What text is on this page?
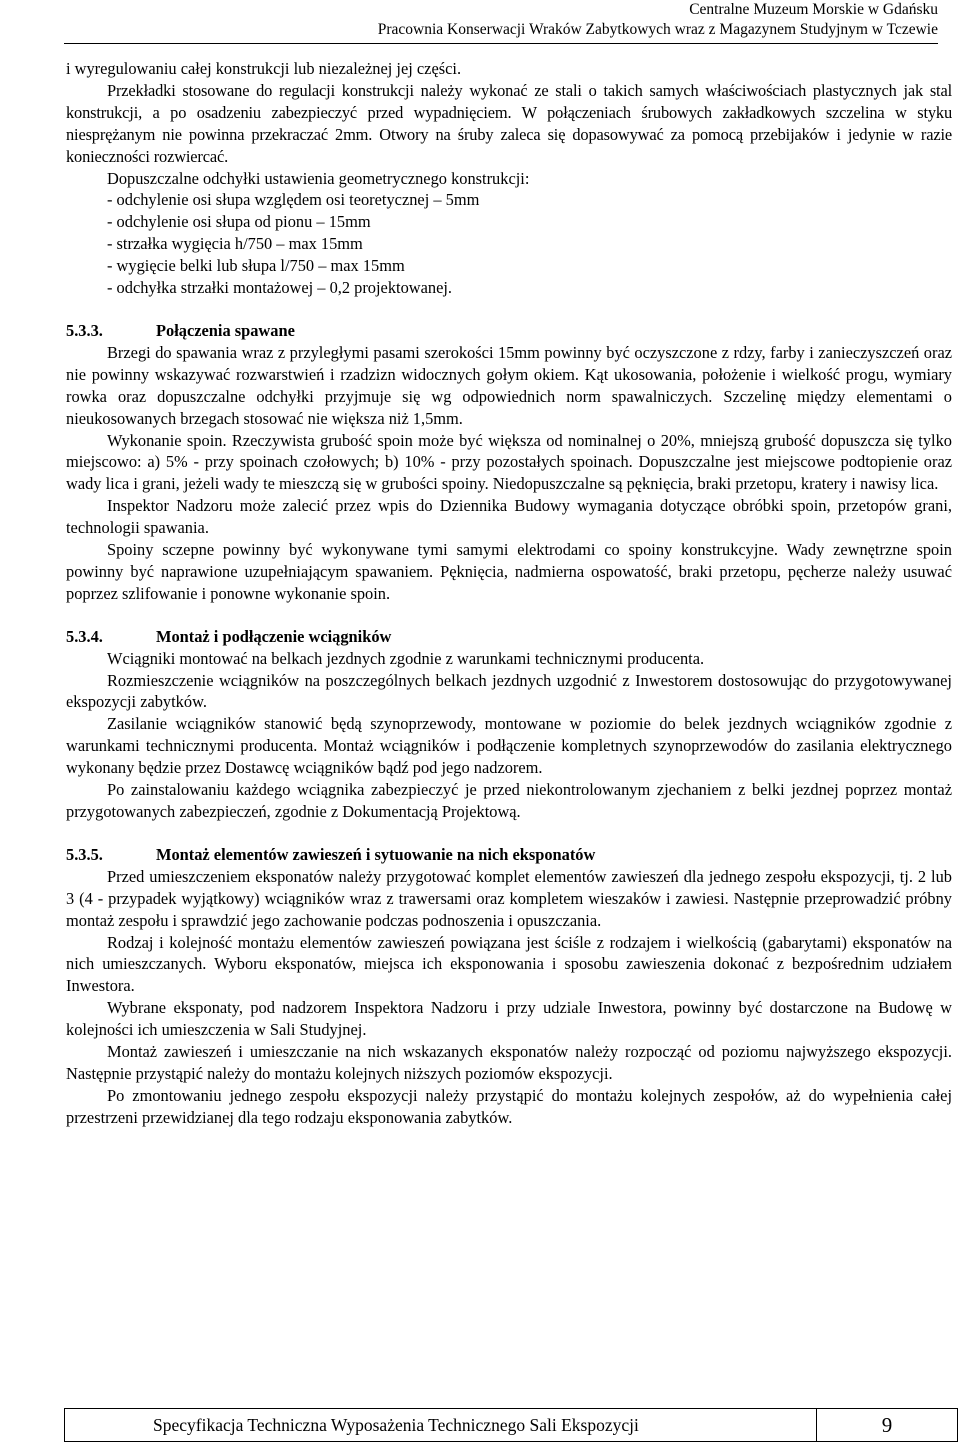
Centralne Muzeum Morskie w Gdańsku
Pracownia Konserwacji Wraków Zabytkowych wraz z Magazynem Studyjnym w Tczewie

i wyregulowaniu całej konstrukcji lub niezależnej jej części.

Przekładki stosowane do regulacji konstrukcji należy wykonać ze stali o takich samych właściwościach plastycznych jak stal konstrukcji, a po osadzeniu zabezpieczyć przed wypadnięciem. W połączeniach śrubowych zakładkowych szczelina w styku niesprężanym nie powinna przekraczać 2mm. Otwory na śruby zaleca się dopasowywać za pomocą przebijaków i jedynie w razie konieczności rozwiercać.

Dopuszczalne odchyłki ustawienia geometrycznego konstrukcji:

- odchylenie osi słupa względem osi teoretycznej – 5mm
- odchylenie osi słupa od pionu – 15mm
- strzałka wygięcia h/750 – max 15mm
- wygięcie belki lub słupa l/750 – max 15mm
- odchyłka strzałki montażowej – 0,2 projektowanej.
5.3.3.	Połączenia spawane

Brzegi do spawania wraz z przyległymi pasami szerokości 15mm powinny być oczyszczone z rdzy, farby i zanieczyszczeń oraz nie powinny wskazywać rozwarstwień i rzadzizn widocznych gołym okiem. Kąt ukosowania, położenie i wielkość progu, wymiary rowka oraz dopuszczalne odchyłki przyjmuje się wg odpowiednich norm spawalniczych. Szczelinę między elementami o nieukosowanych brzegach stosować nie większa niż 1,5mm.

Wykonanie spoin. Rzeczywista grubość spoin może być większa od nominalnej o 20%, mniejszą grubość dopuszcza się tylko miejscowo: a) 5% - przy spoinach czołowych; b) 10% - przy pozostałych spoinach. Dopuszczalne jest miejscowe podtopienie oraz wady lica i grani, jeżeli wady te mieszczą się w grubości spoiny. Niedopuszczalne są pęknięcia, braki przetopu, kratery i nawisy lica.

Inspektor Nadzoru może zalecić przez wpis do Dziennika Budowy wymagania dotyczące obróbki spoin, przetopów grani, technologii spawania.

Spoiny sczepne powinny być wykonywane tymi samymi elektrodami co spoiny konstrukcyjne. Wady zewnętrzne spoin powinny być naprawione uzupełniającym spawaniem. Pęknięcia, nadmierna ospowatość, braki przetopu, pęcherze należy usuwać poprzez szlifowanie i ponowne wykonanie spoin.

5.3.4.	Montaż i podłączenie wciągników

Wciągniki montować na belkach jezdnych zgodnie z warunkami technicznymi producenta.

Rozmieszczenie wciągników na poszczególnych belkach jezdnych uzgodnić z Inwestorem dostosowując do przygotowywanej ekspozycji zabytków.

Zasilanie wciągników stanowić będą szynoprzewody, montowane w poziomie do belek jezdnych wciągników zgodnie z warunkami technicznymi producenta. Montaż wciągników i podłączenie kompletnych szynoprzewodów do zasilania elektrycznego wykonany będzie przez Dostawcę wciągników bądź pod jego nadzorem.

Po zainstalowaniu każdego wciągnika zabezpieczyć je przed niekontrolowanym zjechaniem z belki jezdnej poprzez montaż przygotowanych zabezpieczeń, zgodnie z Dokumentacją Projektową.

5.3.5.	Montaż elementów zawieszeń i sytuowanie na nich eksponatów

Przed umieszczeniem eksponatów należy przygotować komplet elementów zawieszeń dla jednego zespołu ekspozycji, tj. 2 lub 3 (4 - przypadek wyjątkowy) wciągników wraz z trawersami oraz kompletem wieszaków i zawiesi. Następnie przeprowadzić próbny montaż zespołu i sprawdzić jego zachowanie podczas podnoszenia i opuszczania.

Rodzaj i kolejność montażu elementów zawieszeń powiązana jest ściśle z rodzajem i wielkością (gabarytami) eksponatów na nich umieszczanych. Wyboru eksponatów, miejsca ich eksponowania i sposobu zawieszenia dokonać z bezpośrednim udziałem Inwestora.

Wybrane eksponaty, pod nadzorem Inspektora Nadzoru i przy udziale Inwestora, powinny być dostarczone na Budowę w kolejności ich umieszczenia w Sali Studyjnej.

Montaż zawieszeń i umieszczanie na nich wskazanych eksponatów należy rozpocząć od poziomu najwyższego ekspozycji. Następnie przystąpić należy do montażu kolejnych niższych poziomów ekspozycji.

Po zmontowaniu jednego zespołu ekspozycji należy przystąpić do montażu kolejnych zespołów, aż do wypełnienia całej przestrzeni przewidzianej dla tego rodzaju eksponowania zabytków.

Specyfikacja Techniczna Wyposażenia Technicznego Sali Ekspozycji	9
